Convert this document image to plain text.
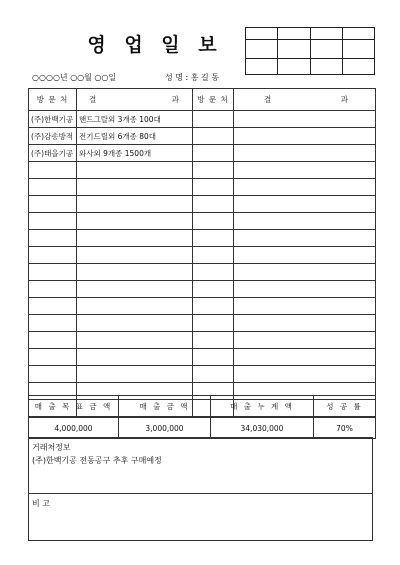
영 업 일 보

○○○○년 ○○월 ○○일	성 명 : 홍 길 동
방 문 처	결 과	방 문 처	결 과

(주)한백기공	핸드그랄외 3개종 100대		
(주)감송방적	전기드릴외 6개종 80대		
(주)태을기공	와사외 9개종 1500개		

매 출 목 표 금 액	매 출 금 액	매 출 누 계 액	성 공 률
4,000,000	3,000,000	34,030,000	70%
거래처정보
(주)한백기공 전동공구 추후 구매예정
비 고
